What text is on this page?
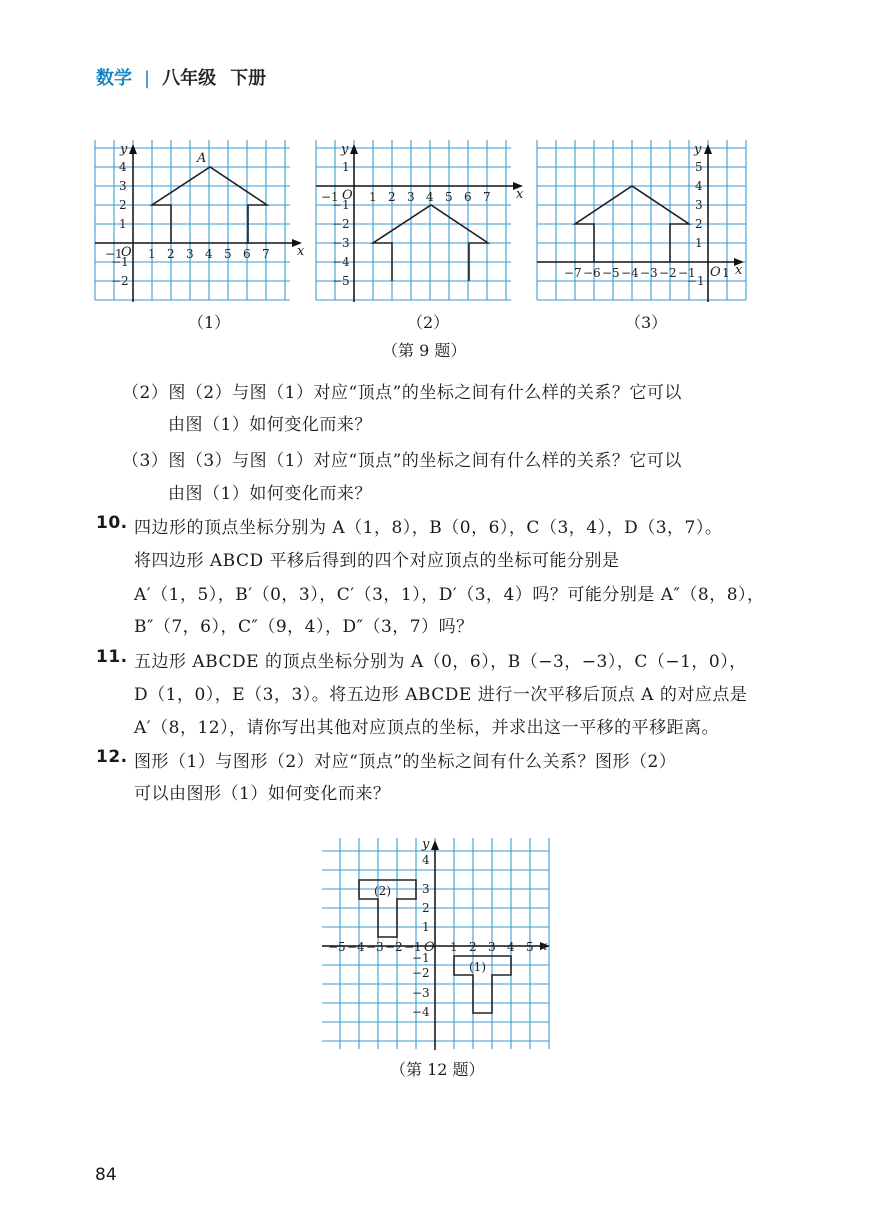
数学 | 八年级 下册
A
x
y
O
−1 1 2 3 4 5 6 7
1
2
3
4
−1
−2
x
y
O
−1	1 2 3 4 5 6 7
1
−1
−2
−3
−4
−5
x
y
O 1
−7 −6 −5 −4 −3 −2 −1
1
2
3
4
5
−1
（1）	（2）	（3）
（第 9 题）
（2）图（2）与图（1）对应“顶点”的坐标之间有什么样的关系？它可以
由图（1）如何变化而来？
（3）图（3）与图（1）对应“顶点”的坐标之间有什么样的关系？它可以
由图（1）如何变化而来？
10. 四边形的顶点坐标分别为 A（1，8），B（0，6），C（3，4），D（3，7）。
将四边形 ABCD 平移后得到的四个对应顶点的坐标可能分别是
A′（1，5），B′（0，3），C′（3，1），D′（3，4）吗？可能分别是 A″（8，8），
B″（7，6），C″（9，4），D″（3，7）吗？
11. 五边形 ABCDE 的顶点坐标分别为 A（0，6），B（−3，−3），C（−1，0），
D（1，0），E（3，3）。将五边形 ABCDE 进行一次平移后顶点 A 的对应点是
A′（8，12），请你写出其他对应顶点的坐标，并求出这一平移的平移距离。
12. 图形（1）与图形（2）对应“顶点”的坐标之间有什么关系？图形（2）
可以由图形（1）如何变化而来？
(1)
(2)
x
y
O
−5 −4 −3 −2 −1 1 2 3 4 5
1
2
3
4
−1
−2
−3
−4
（第 12 题）
84
